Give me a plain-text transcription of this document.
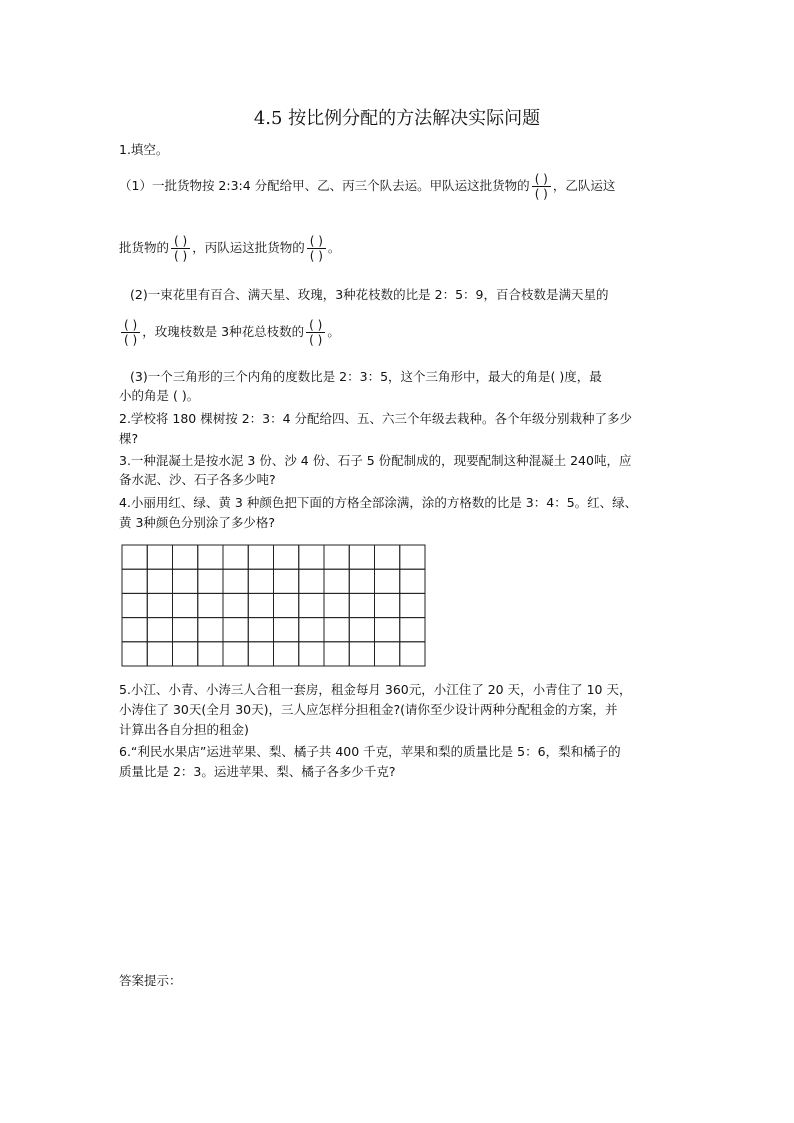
4.5 按比例分配的方法解决实际问题
1.填空。
（1）一批货物按 2:3:4 分配给甲、乙、丙三个队去运。甲队运这批货物的 $\frac{( )}{( )}$ ，乙队运这
批货物的 $\frac{( )}{( )}$ ，丙队运这批货物的 $\frac{( )}{( )}$ 。
(2)一束花里有百合、满天星、玫瑰，3种花枝数的比是 2：5：9，百合枝数是满天星的
$\frac{( )}{( )}$ ，玫瑰枝数是 3种花总枝数的 $\frac{( )}{( )}$ 。
(3)一个三角形的三个内角的度数比是 2：3：5，这个三角形中，最大的角是( )度，最
小的角是 ( )。
2.学校将 180 棵树按 2：3：4 分配给四、五、六三个年级去栽种。各个年级分别栽种了多少
棵?
3.一种混凝土是按水泥 3 份、沙 4 份、石子 5 份配制成的，现要配制这种混凝土 240吨，应
备水泥、沙、石子各多少吨?
4.小丽用红、绿、黄 3 种颜色把下面的方格全部涂满，涂的方格数的比是 3：4：5。红、绿、
黄 3种颜色分别涂了多少格?
5.小江、小青、小涛三人合租一套房，租金每月 360元，小江住了 20 天，小青住了 10 天，
小涛住了 30天(全月 30天)，三人应怎样分担租金?(请你至少设计两种分配租金的方案，并
计算出各自分担的租金)
6.“利民水果店”运进苹果、梨、橘子共 400 千克，苹果和梨的质量比是 5：6，梨和橘子的
质量比是 2：3。运进苹果、梨、橘子各多少千克?
答案提示：
